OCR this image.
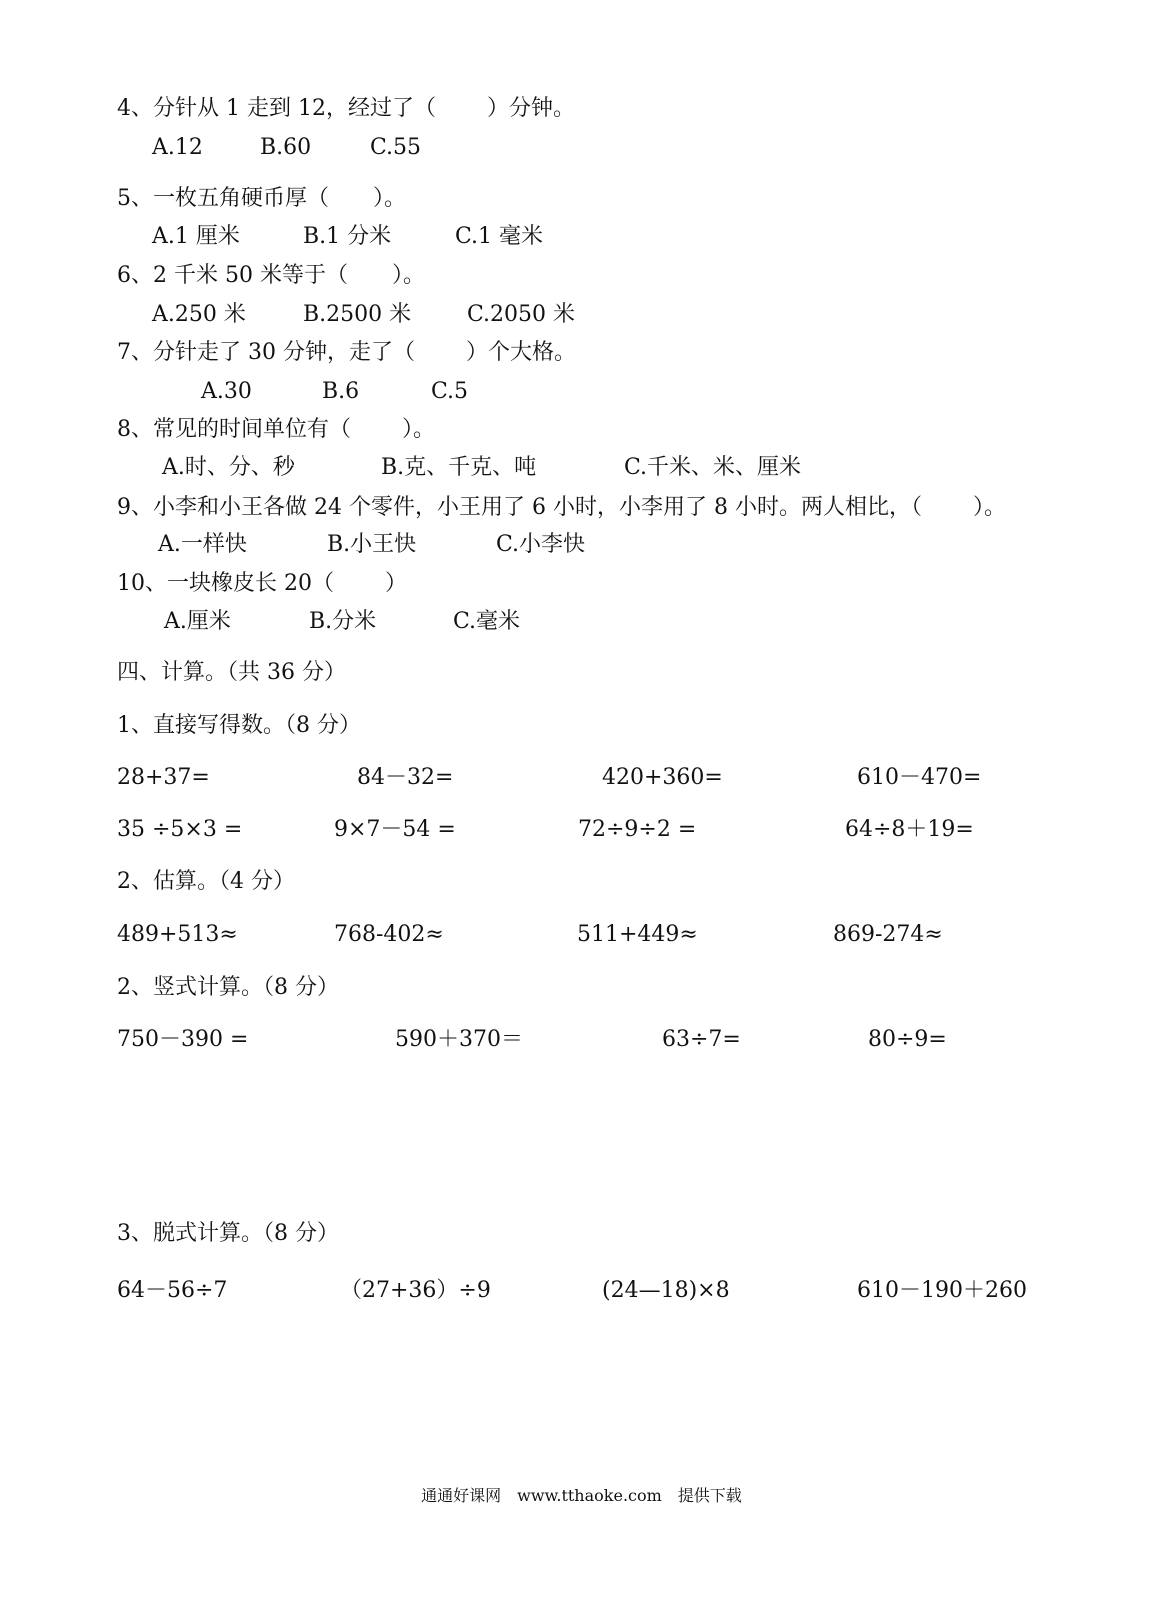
4、分针从 1 走到 12，经过了（　　 ）分钟。
A.12	B.60	C.55
5、一枚五角硬币厚（　　）。
A.1 厘米	B.1 分米	C.1 毫米
6、2 千米 50 米等于（　　）。
A.250 米	B.2500 米	C.2050 米
7、分针走了 30 分钟，走了（　　 ）个大格。
A.30	B.6	C.5
8、常见的时间单位有（　　 ）。
A.时、分、秒	B.克、千克、吨	C.千米、米、厘米
9、小李和小王各做 24 个零件，小王用了 6 小时，小李用了 8 小时。两人相比，（　　 ）。
A.一样快	B.小王快	C.小李快
10、一块橡皮长 20（　　 ）
A.厘米	B.分米	C.毫米
四、计算。（共 36 分）
1、直接写得数。（8 分）
28+37=	84－32=	420+360=	610－470=
35 ÷5×3 =	9×7－54 =	72÷9÷2 =	64÷8＋19=
2、估算。（4 分）
489+513≈	768-402≈	511+449≈	869-274≈
2、竖式计算。（8 分）
750－390 =	590＋370＝	63÷7=	80÷9=
3、脱式计算。（8 分）
64－56÷7	（27+36）÷9	(24—18)×8	610－190＋260
通通好课网　www.tthaoke.com　提供下载
